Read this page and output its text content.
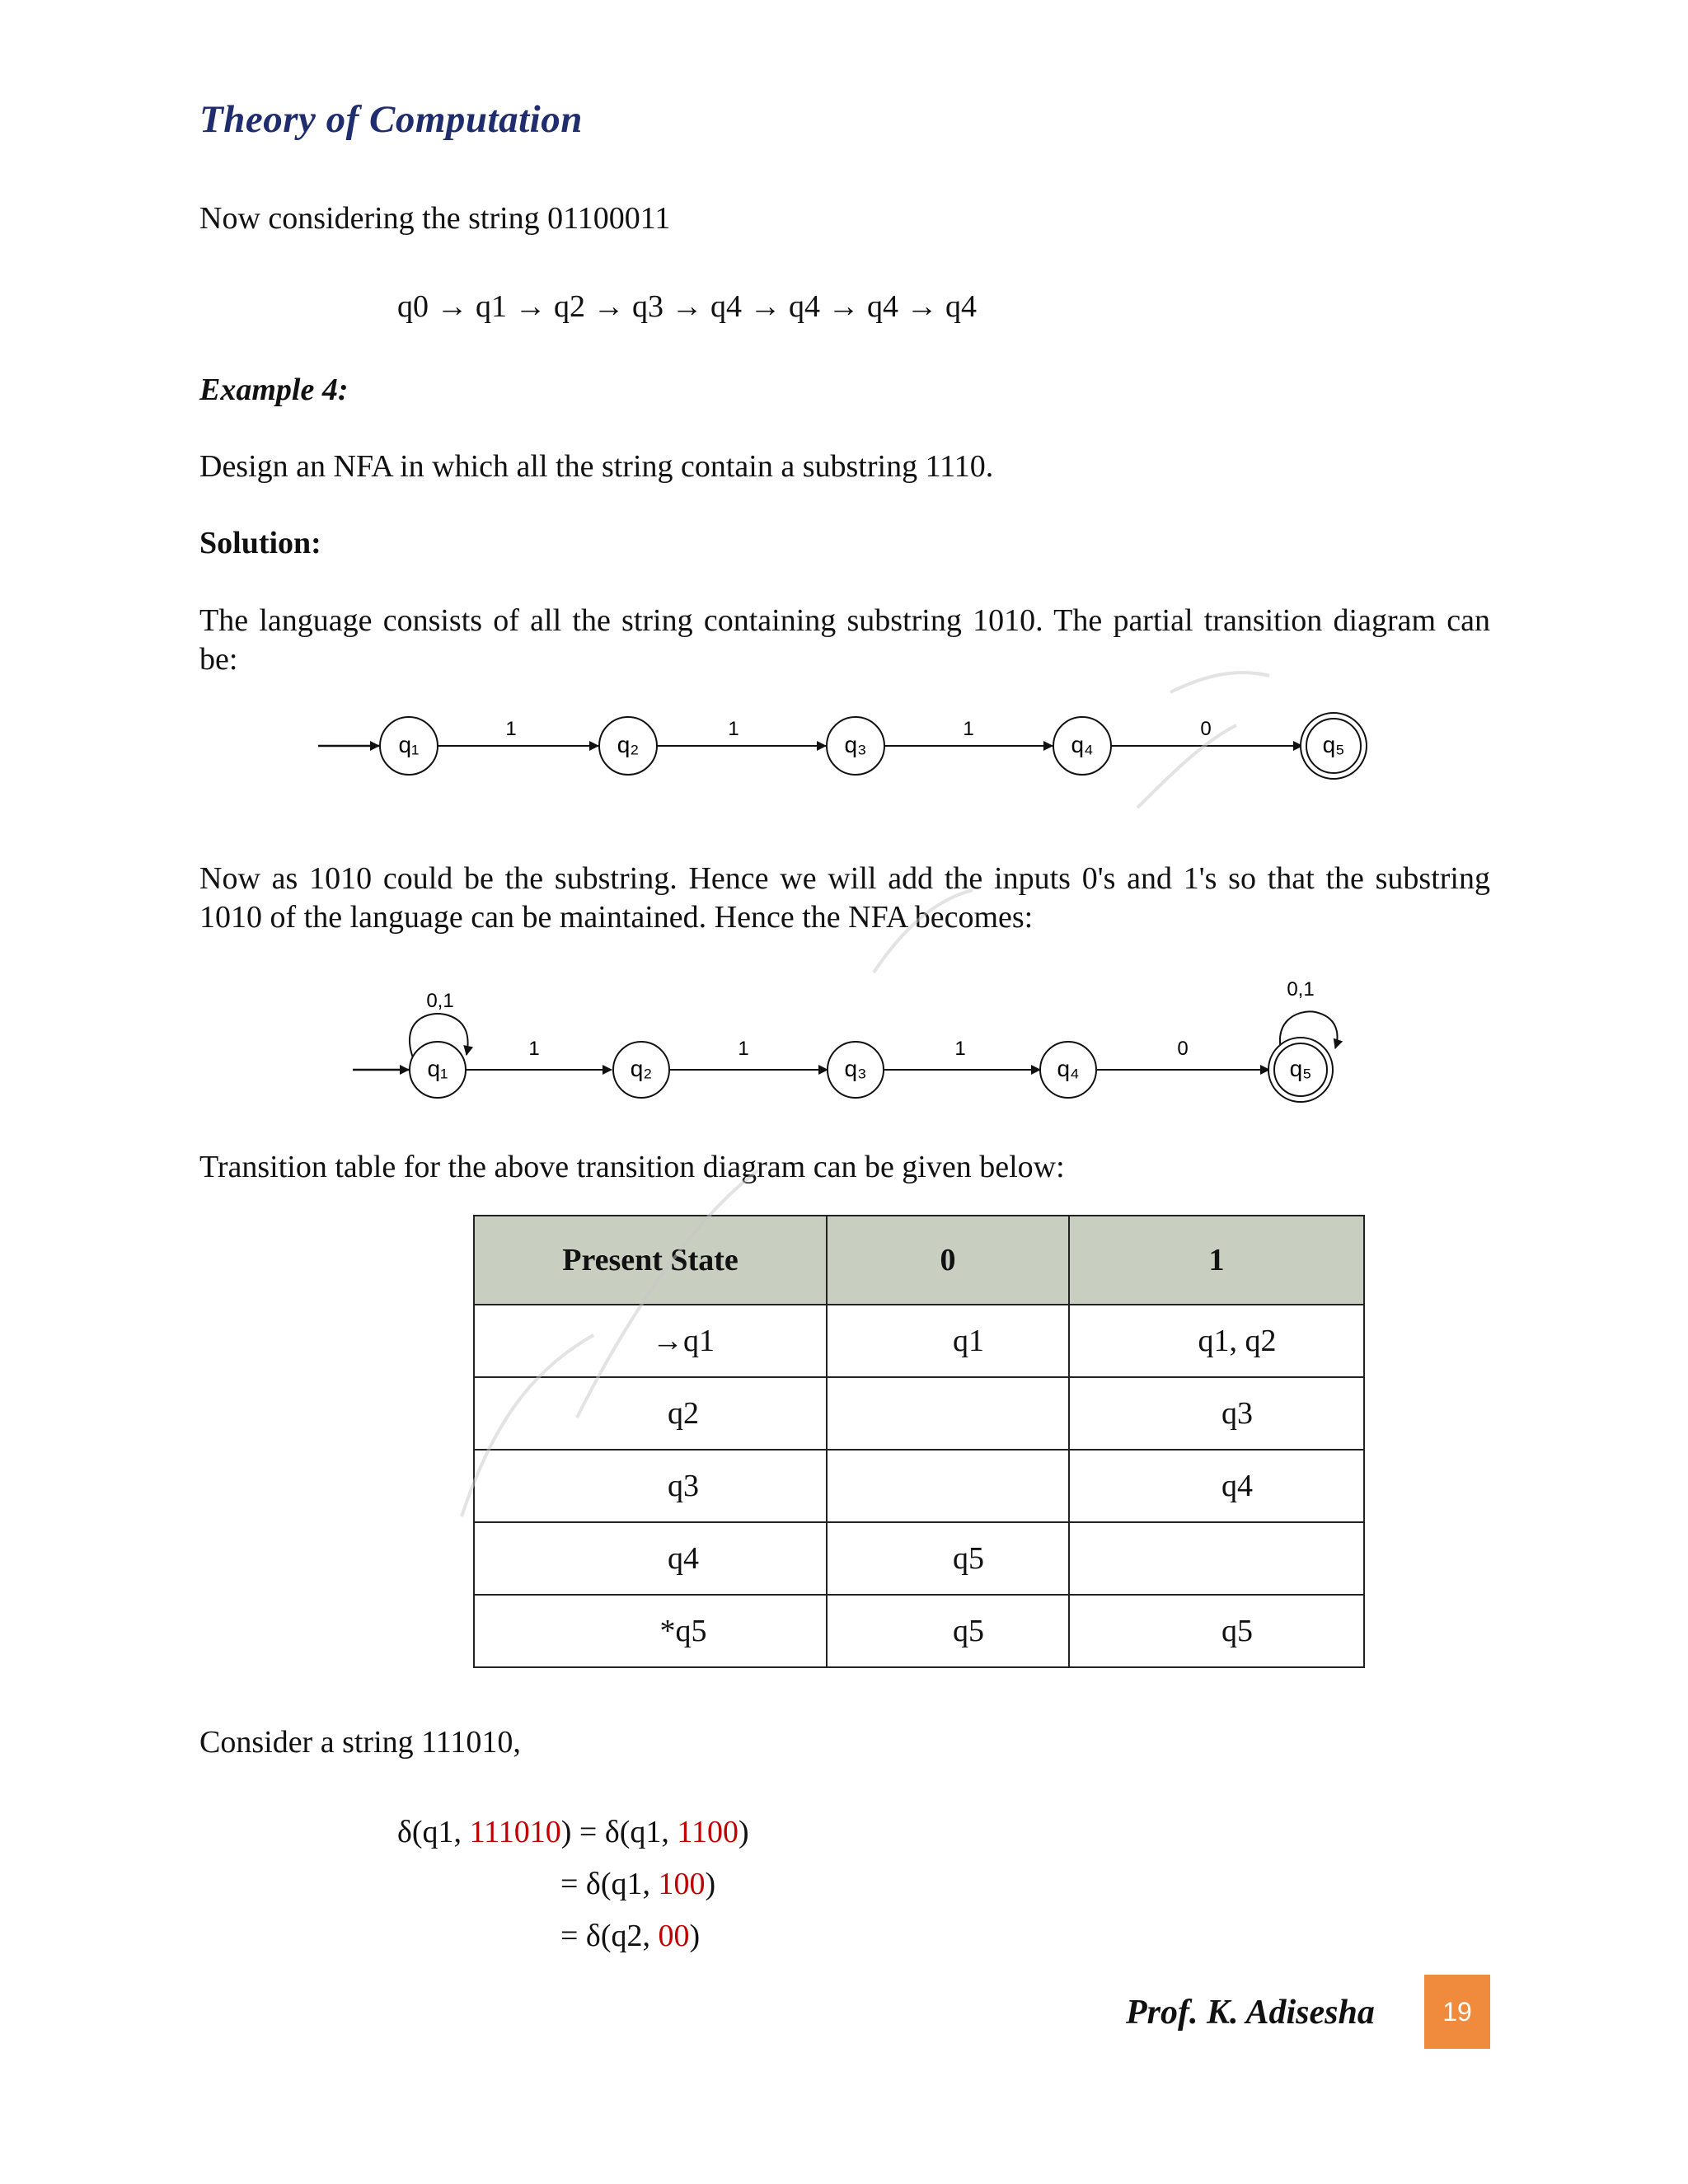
Theory of Computation
Now considering the string 01100011
q0 → q1 → q2 → q3 → q4 → q4 → q4 → q4
Example 4:
Design an NFA in which all the string contain a substring 1110.
Solution:
The language consists of all the string containing substring 1010. The partial transition diagram can be:
1	1	1	0
q₁	q₂	q₃	q₄	q₅
Now as 1010 could be the substring. Hence we will add the inputs 0's and 1's so that the substring 1010 of the language can be maintained. Hence the NFA becomes:
0,1
0,1
1	1	1	0
q₁	q₂	q₃	q₄	q₅
Transition table for the above transition diagram can be given below:
Present State	0	1
→q1	q1	q1, q2
q2		q3
q3		q4
q4	q5	
*q5	q5	q5
Consider a string 111010,
δ(q1, 111010) = δ(q1, 1100)
= δ(q1, 100)
= δ(q2, 00)
Prof. K. Adisesha	19
